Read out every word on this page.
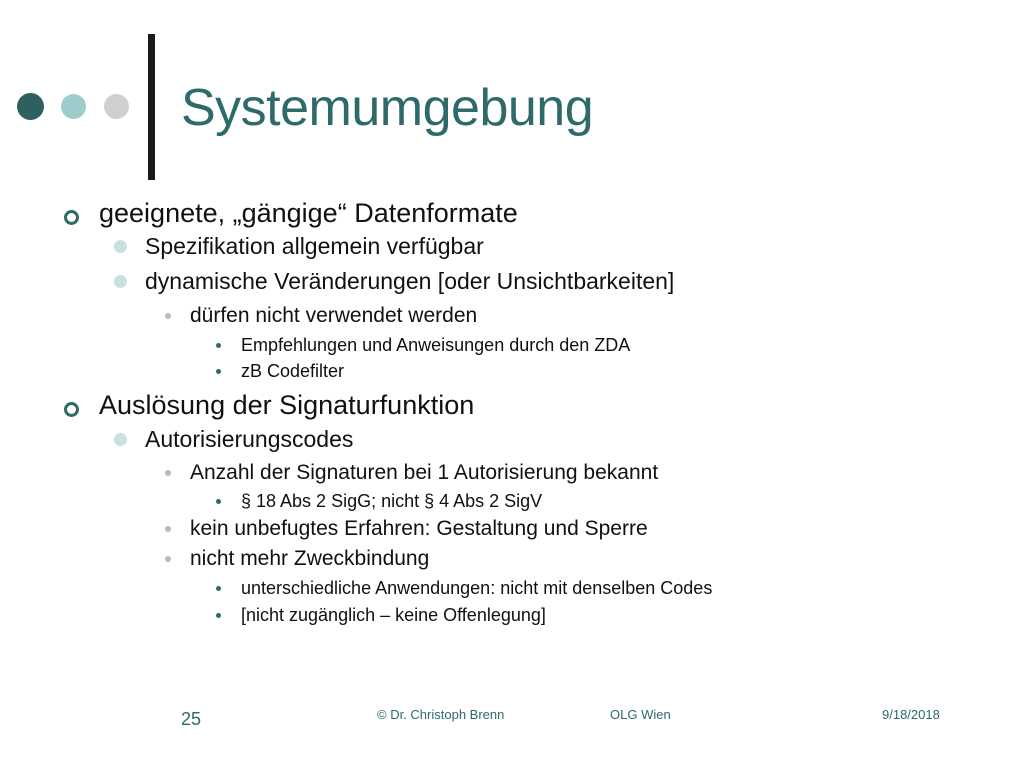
Systemumgebung
geeignete, „gängige“ Datenformate
Spezifikation allgemein verfügbar
dynamische Veränderungen [oder Unsichtbarkeiten]
dürfen nicht verwendet werden
Empfehlungen und Anweisungen durch den ZDA
zB Codefilter
Auslösung der Signaturfunktion
Autorisierungscodes
Anzahl der Signaturen bei 1 Autorisierung bekannt
§ 18 Abs 2 SigG; nicht § 4 Abs 2 SigV
kein unbefugtes Erfahren: Gestaltung und Sperre
nicht mehr Zweckbindung
unterschiedliche Anwendungen: nicht mit denselben Codes
[nicht zugänglich – keine Offenlegung]
25	© Dr. Christoph Brenn	OLG Wien	9/18/2018
